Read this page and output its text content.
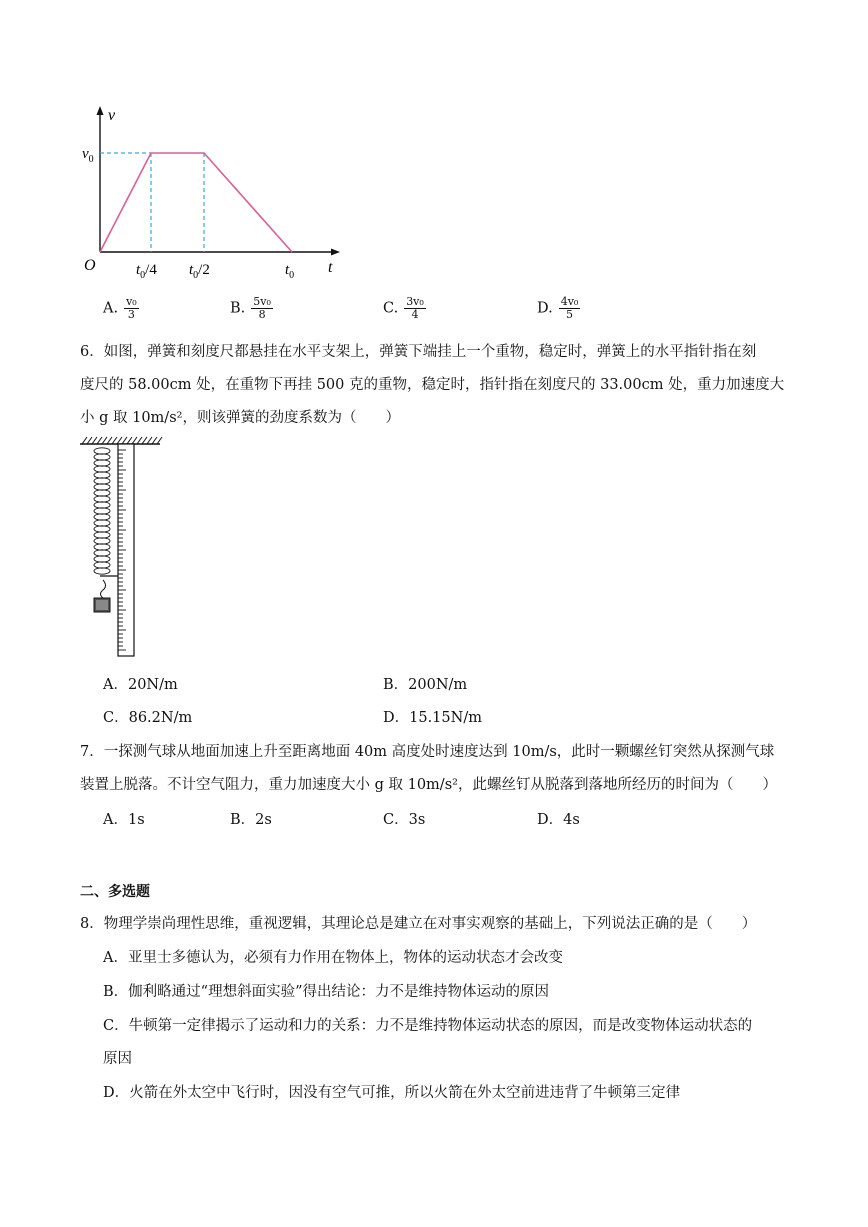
v
t
O
$v_0$
$t_0/4$ $t_0/2$	$t_0$
A. $\frac{\text{v₀}}{3}$	B. $\frac{\text{5v₀}}{8}$	C. $\frac{\text{3v₀}}{4}$	D. $\frac{\text{4v₀}}{5}$
6．如图，弹簧和刻度尺都悬挂在水平支架上，弹簧下端挂上一个重物，稳定时，弹簧上的水平指针指在刻
度尺的 58.00cm 处，在重物下再挂 500 克的重物，稳定时，指针指在刻度尺的 33.00cm 处，重力加速度大
小 g 取 10m/s²，则该弹簧的劲度系数为（　　）
A．20N/m	B．200N/m
C．86.2N/m	D．15.15N/m
7．一探测气球从地面加速上升至距离地面 40m 高度处时速度达到 10m/s，此时一颗螺丝钉突然从探测气球
装置上脱落。不计空气阻力，重力加速度大小 g 取 10m/s²，此螺丝钉从脱落到落地所经历的时间为（　　）
A．1s	B．2s	C．3s	D．4s
二、多选题
8．物理学崇尚理性思维，重视逻辑，其理论总是建立在对事实观察的基础上，下列说法正确的是（　　）
A．亚里士多德认为，必须有力作用在物体上，物体的运动状态才会改变
B．伽利略通过“理想斜面实验”得出结论：力不是维持物体运动的原因
C．牛顿第一定律揭示了运动和力的关系：力不是维持物体运动状态的原因，而是改变物体运动状态的
原因
D．火箭在外太空中飞行时，因没有空气可推，所以火箭在外太空前进违背了牛顿第三定律
